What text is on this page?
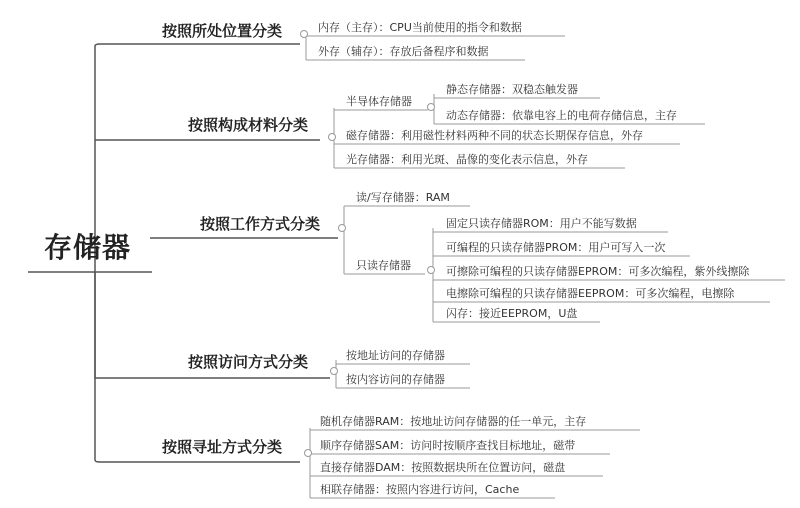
存储器
按照所处位置分类
按照构成材料分类
按照工作方式分类
按照访问方式分类
按照寻址方式分类
内存（主存）：CPU当前使用的指令和数据
外存（辅存）：存放后备程序和数据
半导体存储器
静态存储器：双稳态触发器
动态存储器：依靠电容上的电荷存储信息，主存
磁存储器：利用磁性材料两种不同的状态长期保存信息，外存
光存储器：利用光斑、晶像的变化表示信息，外存
读/写存储器：RAM
只读存储器
固定只读存储器ROM：用户不能写数据
可编程的只读存储器PROM：用户可写入一次
可擦除可编程的只读存储器EPROM：可多次编程，紫外线擦除
电擦除可编程的只读存储器EEPROM：可多次编程，电擦除
闪存：接近EEPROM，U盘
按地址访问的存储器
按内容访问的存储器
随机存储器RAM：按地址访问存储器的任一单元，主存
顺序存储器SAM：访问时按顺序查找目标地址，磁带
直接存储器DAM：按照数据块所在位置访问，磁盘
相联存储器：按照内容进行访问，Cache
